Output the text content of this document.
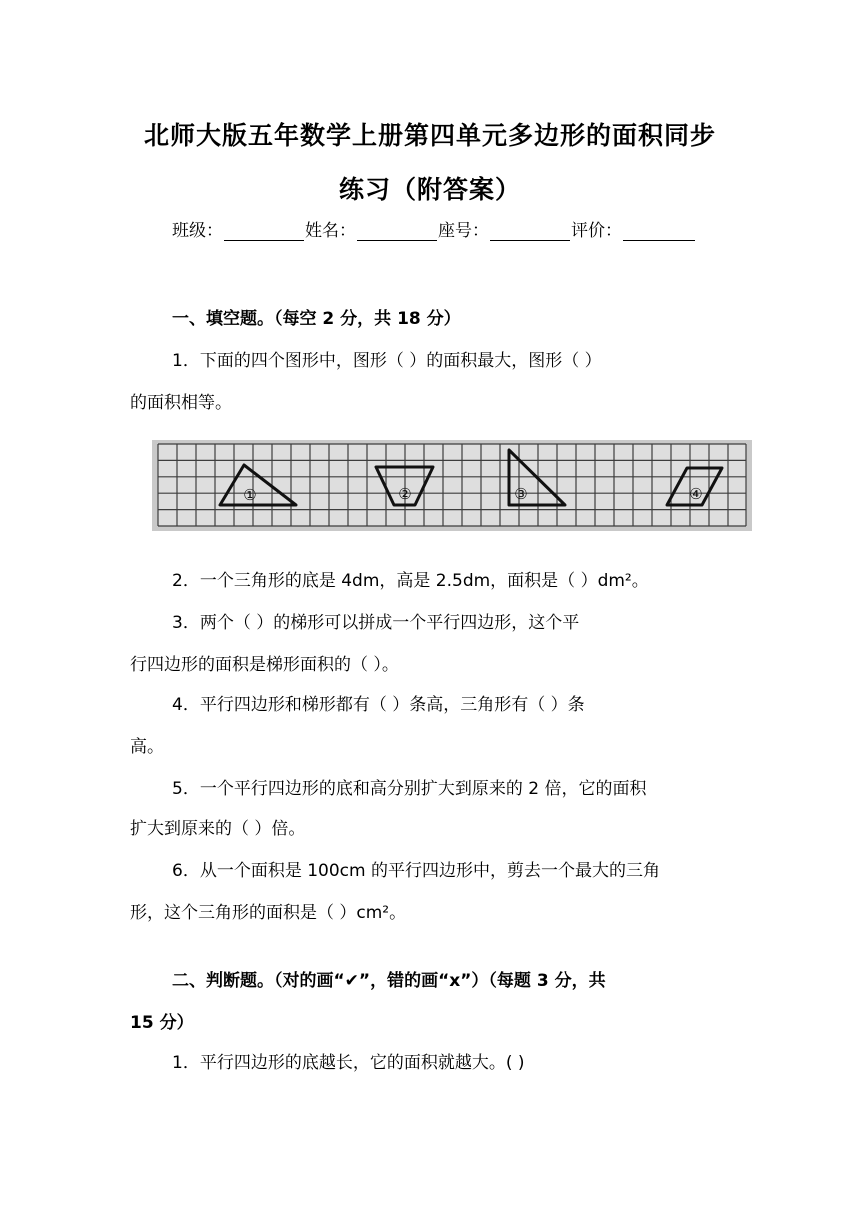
北师大版五年数学上册第四单元多边形的面积同步
练习（附答案）
班级：	姓名：	座号：	评价：
一、填空题。（每空 2 分，共 18 分）
1．下面的四个图形中，图形（ ）的面积最大，图形（ ）
的面积相等。
①	②	③	④
2．一个三角形的底是 4dm，高是 2.5dm，面积是（ ）dm²。
3．两个（ ）的梯形可以拼成一个平行四边形，这个平
行四边形的面积是梯形面积的（ ）。
4．平行四边形和梯形都有（ ）条高，三角形有（ ）条
高。
5．一个平行四边形的底和高分别扩大到原来的 2 倍，它的面积
扩大到原来的（ ）倍。
6．从一个面积是 100cm 的平行四边形中，剪去一个最大的三角
形，这个三角形的面积是（ ）cm²。
二、判断题。（对的画“✔”，错的画“x”）（每题 3 分，共
15 分）
1．平行四边形的底越长，它的面积就越大。( )
